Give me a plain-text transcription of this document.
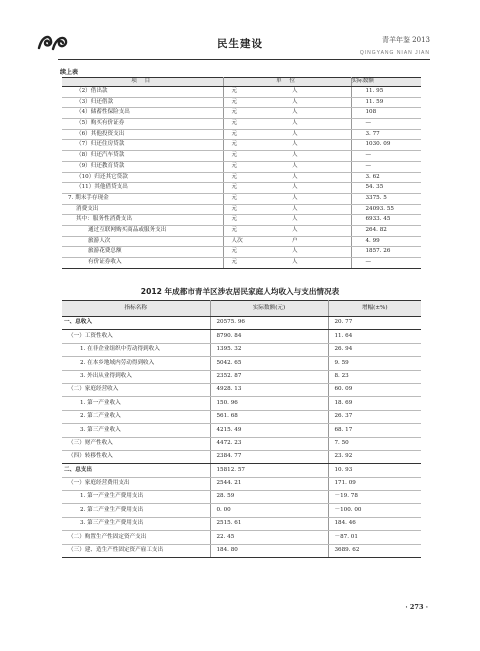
民生建设	青羊年鉴 2013
QINGYANG NIAN JIAN
续上表
项 目	单 位		实际数额
（2）借出款	元	人	11. 95
（3）归还借款	元	人	11. 59
（4）储蓄性保险支出	元	人	108
（5）购买有价证券	元	人	—
（6）其他投资支出	元	人	3. 77
（7）归还住房贷款	元	人	1030. 09
（8）归还汽车贷款	元	人	—
（9）归还教育贷款	元	人	—
（10）归还其它贷款	元	人	3. 62
（11）其他借贷支出	元	人	54. 35
7. 期末手存现金	元	人	3375. 5
消费支出	元	人	24093. 55
其中：服务性消费支出	元	人	6933. 45
通过互联网购买商品或服务支出	元	人	264. 82
旅游人次	人次	户	4. 99
旅游花费总额	元	人	1857. 26
有价证券收入	元	人	—
2012 年成都市青羊区涉农居民家庭人均收入与支出情况表
指标名称	实际数额(元)	增幅(±%)
一、总收入	20575. 96	20. 77
（一）工资性收入	8790. 84	11. 64
1. 在非企业组织中劳动得到收入	1395. 32	26. 94
2. 在本乡地域内劳动得到收入	5042. 65	9. 59
3. 外出从业得到收入	2352. 87	8. 23
（二）家庭经营收入	4928. 13	60. 09
1. 第一产业收入	150. 96	18. 69
2. 第二产业收入	561. 68	26. 37
3. 第三产业收入	4215. 49	68. 17
（三）财产性收入	4472. 23	7. 50
（四）转移性收入	2384. 77	23. 92
二、总支出	15812. 57	10. 93
（一）家庭经营费用支出	2544. 21	171. 09
1. 第一产业生产费用支出	28. 59	－19. 78
2. 第二产业生产费用支出	0. 00	－100. 00
3. 第三产业生产费用支出	2515. 61	184. 46
（二）购置生产性固定资产支出	22. 45	－87. 01
（三）建、造生产性固定资产雇工支出	184. 80	3689. 62
· 273 ·
